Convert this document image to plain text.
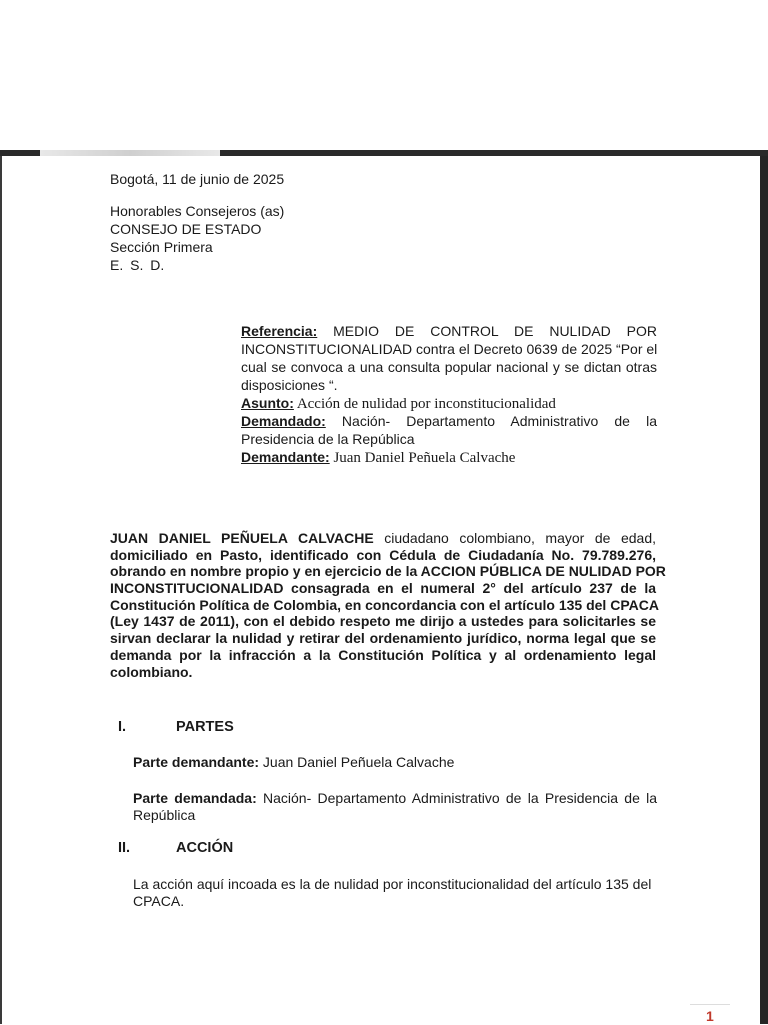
Bogotá, 11 de junio de 2025
Honorables Consejeros (as)
CONSEJO DE ESTADO
Sección Primera
E. S. D.
Referencia: MEDIO DE CONTROL DE NULIDAD POR
INCONSTITUCIONALIDAD contra el Decreto 0639 de 2025 “Por el
cual se convoca a una consulta popular nacional y se dictan otras
disposiciones “.
Asunto: Acción de nulidad por inconstitucionalidad
Demandado: Nación- Departamento Administrativo de la
Presidencia de la República
Demandante: Juan Daniel Peñuela Calvache
JUAN DANIEL PEÑUELA CALVACHE ciudadano colombiano, mayor de edad,
domiciliado en Pasto, identificado con Cédula de Ciudadanía No. 79.789.276,
obrando en nombre propio y en ejercicio de la ACCION PÚBLICA DE NULIDAD POR
INCONSTITUCIONALIDAD consagrada en el numeral 2° del artículo 237 de la
Constitución Política de Colombia, en concordancia con el artículo 135 del CPACA
(Ley 1437 de 2011), con el debido respeto me dirijo a ustedes para solicitarles se
sirvan declarar la nulidad y retirar del ordenamiento jurídico, norma legal que se
demanda por la infracción a la Constitución Política y al ordenamiento legal
colombiano.
I.	PARTES
Parte demandante: Juan Daniel Peñuela Calvache
Parte demandada: Nación- Departamento Administrativo de la Presidencia de la
República
II.	ACCIÓN
La acción aquí incoada es la de nulidad por inconstitucionalidad del artículo 135 del
CPACA.
1
